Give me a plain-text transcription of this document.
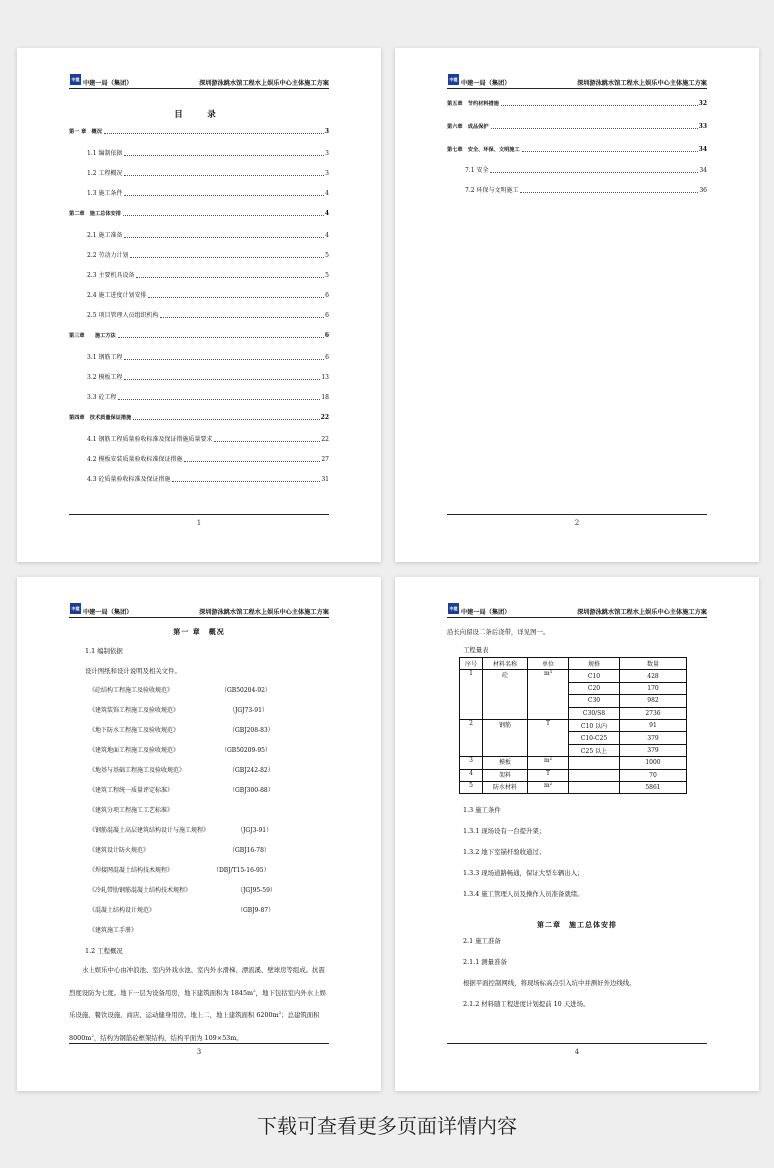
中建
中建一局（集团）	深圳游泳跳水馆工程水上娱乐中心主体施工方案
目　录
第一 章　概况	3
1.1 编制依据	3
1.2 工程概况	3
1.3 施工条件	4
第二章　施工总体安排	4
2.1 施工准备	4
2.2 劳动力计划	5
2.3 主要机具设备	5
2.4 施工进度计划安排	6
2.5 项目管理人员组织机构	6
第三章　　施工方法	6
3.1 钢筋工程	6
3.2 模板工程	13
3.3 砼工程	18
第四章　技术质量保证措施	22
4.1 钢筋工程质量验收标准及保证措施质量要求	22
4.2 模板安装质量验收标准保证措施	27
4.3 砼质量验收标准及保证措施	31
1
中建
中建一局（集团）	深圳游泳跳水馆工程水上娱乐中心主体施工方案
第五章　节约材料措施	32
第六章　成品保护	33
第七章　安全、环保、文明施工	34
7.1 安全	34
7.2 环保与文明施工	36
2
中建
中建一局（集团）	深圳游泳跳水馆工程水上娱乐中心主体施工方案
第一 章　概况
1.1 编制依据
设计图纸和设计说明及相关文件。
《砼结构工程施工及验收规范》	（GB50204-92）
《建筑装饰工程施工及验收规范》	（JGJ73-91）
《地下防水工程施工及验收规范》	（GBJ208-83）
《建筑地面工程施工及验收规范》	（GB50209-95）
《地基与基础工程施工及验收规范》	（GBJ242-82）
《建筑工程统一质量评定标准》	（GBJ300-88）
《建筑分项工程施工工艺标准》
《钢筋混凝土高层建筑结构设计与施工规程》	（JGJ3-91）
《建筑设计防火规范》	（GBJ16-78）
《焊接网混凝土结构技术规程》	（DBJ/T15-16-95）
《冷轧带肋钢筋混凝土结构技术规程》	（JGJ95-59）
《混凝土结构设计规范》	（GBJ9-87）
《建筑施工手册》
1.2 工程概况
水上娱乐中心由冲浪池、室内外戏水池、室内外水滑梯、漂流溪、壁球房等组成。抗震烈度设防为七度。地下一层为设备用房，地下建筑面积为 $1845m^2$，地下包括室内外水上娱乐设施、餐饮设施、商店、运动健身用房。地上二，地上建筑面积 $6200m^2$；总建筑面积 $8000m^2$，结构为钢筋砼框架结构，结构平面为 109×53m。
3
中建
中建一局（集团）	深圳游泳跳水馆工程水上娱乐中心主体施工方案
沿长向留设二条后浇带，详见图一。
工程量表
序号	材料名称	单位	规格	数量
1	砼	m³	C10	428
			C20	170
			C30	982
			C30/S8	2736
2	钢筋	T	C10 以内	91
			C10-C25	379
			C25 以上	379
3	模板	m²		1000
4	架料	T		70
5	防水材料	m²		5861
1.3 施工条件
1.3.1 现场设有一台提升架；
1.3.2 地下室锚杆验收通过；
1.3.3 现场道路畅通，保证大型车辆出入；
1.3.4 施工管理人员及操作人员准备就绪。
第二章　施工总体安排
2.1 施工准备
2.1.1 测量准备
根据平面控制网线，将现场标高点引入坑中并测好外边线线。
2.1.2 材料随工程进度计划提前 10 天进场。
4
下载可查看更多页面详情内容
